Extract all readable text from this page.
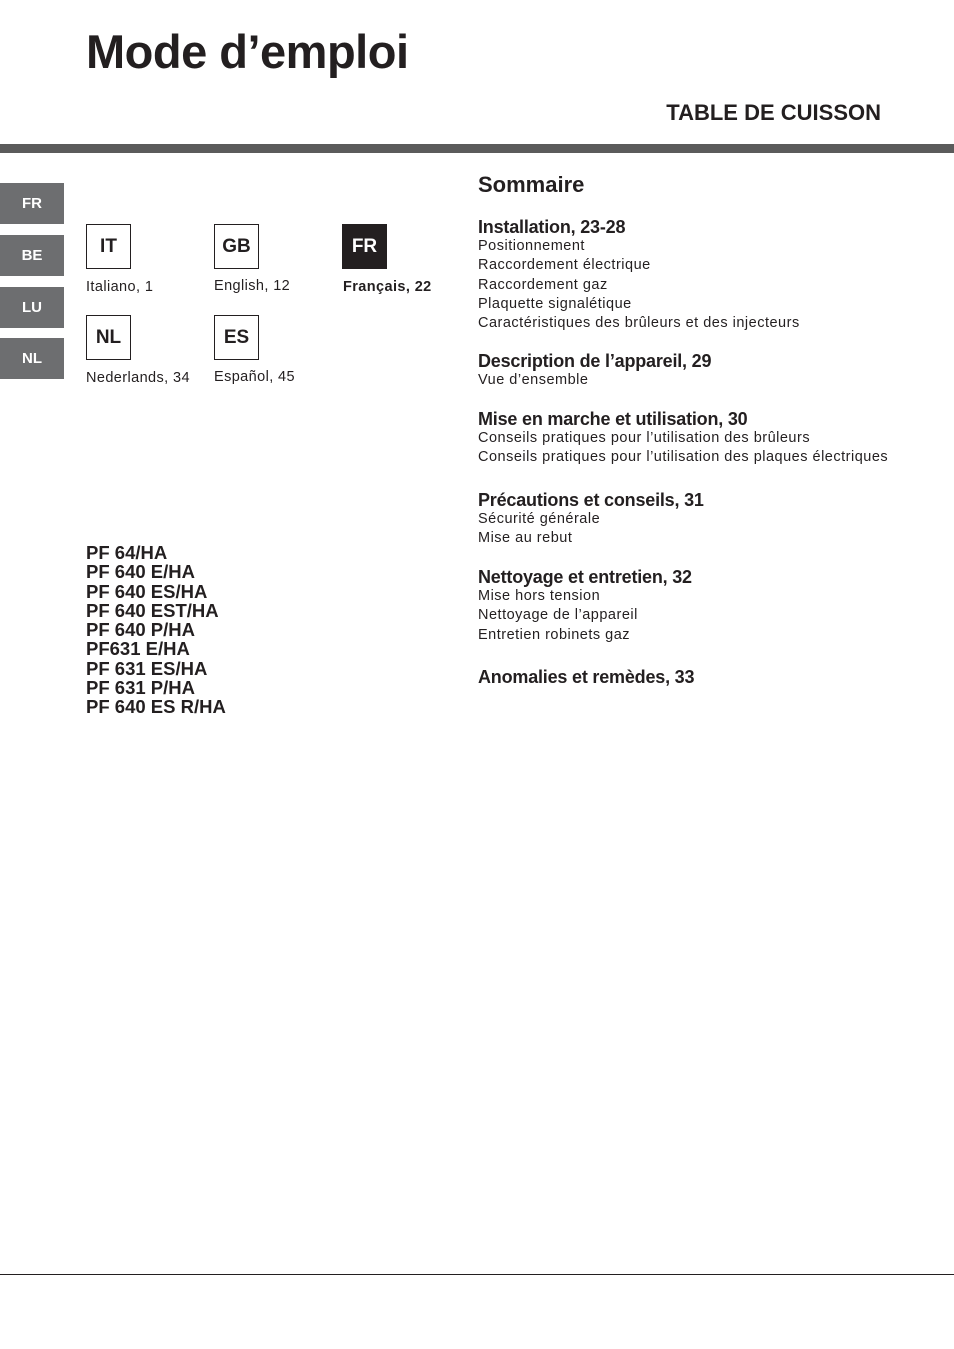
Mode d’emploi
TABLE DE CUISSON
FR
BE
LU
NL
IT
Italiano, 1
GB
English, 12
FR
Français, 22
NL
Nederlands, 34
ES
Español, 45
PF 64/HA
PF 640 E/HA
PF 640 ES/HA
PF 640 EST/HA
PF 640 P/HA
PF631 E/HA
PF 631 ES/HA
PF 631 P/HA
PF 640 ES R/HA
Sommaire
Installation, 23-28
Positionnement
Raccordement électrique
Raccordement gaz
Plaquette signalétique
Caractéristiques des brûleurs et des injecteurs
Description de l’appareil, 29
Vue d’ensemble
Mise en marche et utilisation, 30
Conseils pratiques pour l’utilisation des brûleurs
Conseils pratiques pour l’utilisation des plaques électriques
Précautions et conseils, 31
Sécurité générale
Mise au rebut
Nettoyage et entretien, 32
Mise hors tension
Nettoyage de l’appareil
Entretien robinets gaz
Anomalies et remèdes, 33
